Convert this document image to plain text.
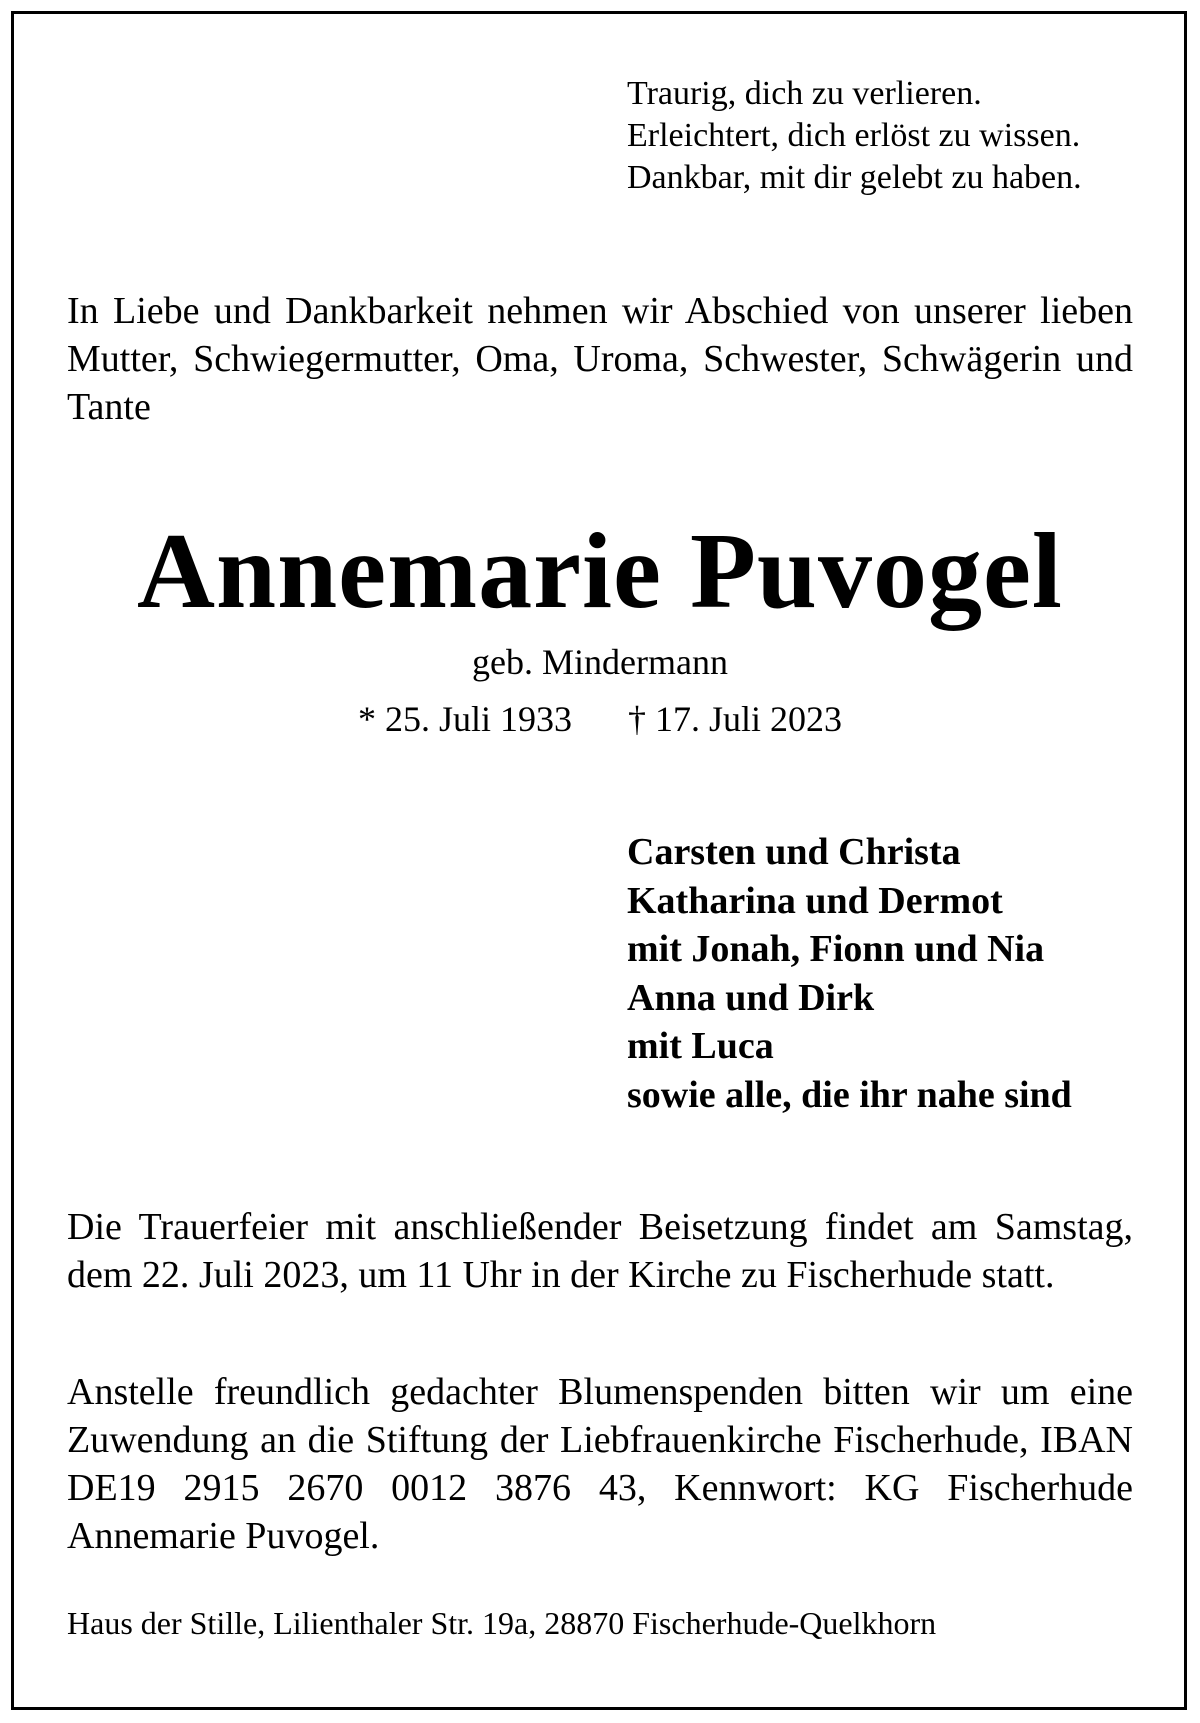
Traurig, dich zu verlieren.
Erleichtert, dich erlöst zu wissen.
Dankbar, mit dir gelebt zu haben.

In Liebe und Dankbarkeit nehmen wir Abschied von unserer lieben Mutter, Schwiegermutter, Oma, Uroma, Schwester, Schwägerin und Tante

Annemarie Puvogel

geb. Mindermann

* 25. Juli 1933 † 17. Juli 2023

Carsten und Christa
Katharina und Dermot
mit Jonah, Fionn und Nia
Anna und Dirk
mit Luca
sowie alle, die ihr nahe sind

Die Trauerfeier mit anschließender Beisetzung findet am Samstag, dem 22. Juli 2023, um 11 Uhr in der Kirche zu Fischerhude statt.

Anstelle freundlich gedachter Blumenspenden bitten wir um eine Zuwendung an die Stiftung der Liebfrauenkirche Fischerhude, IBAN DE19 2915 2670 0012 3876 43, Kennwort: KG Fischerhude Annemarie Puvogel.

Haus der Stille, Lilienthaler Str. 19a, 28870 Fischerhude-Quelkhorn
